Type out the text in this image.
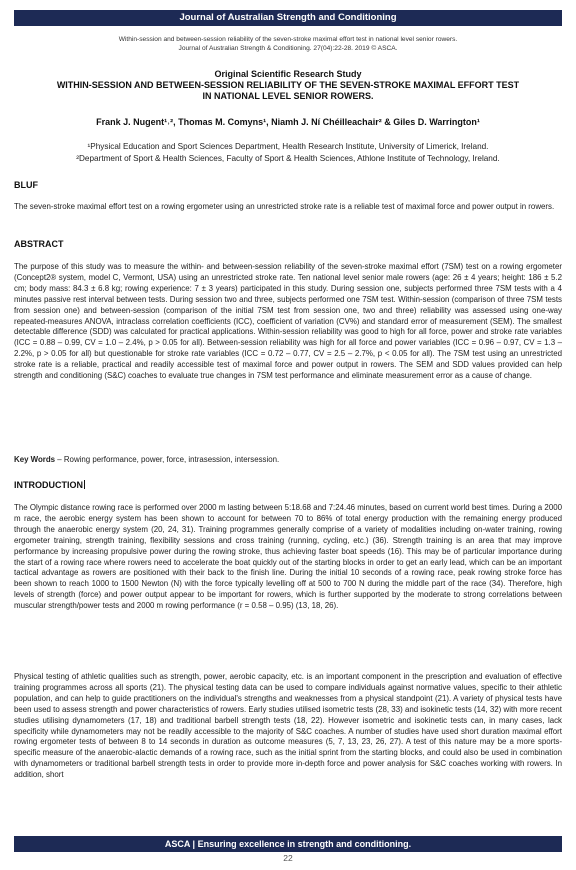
Journal of Australian Strength and Conditioning
Within-session and between-session reliability of the seven-stroke maximal effort test in national level senior rowers.
Journal of Australian Strength & Conditioning. 27(04):22-28. 2019 © ASCA.
Original Scientific Research Study
WITHIN-SESSION AND BETWEEN-SESSION RELIABILITY OF THE SEVEN-STROKE MAXIMAL EFFORT TEST
IN NATIONAL LEVEL SENIOR ROWERS.
Frank J. Nugent¹˒², Thomas M. Comyns¹, Niamh J. Ní Chéilleachair² & Giles D. Warrington¹
¹Physical Education and Sport Sciences Department, Health Research Institute, University of Limerick, Ireland.
²Department of Sport & Health Sciences, Faculty of Sport & Health Sciences, Athlone Institute of Technology, Ireland.
BLUF

The seven-stroke maximal effort test on a rowing ergometer using an unrestricted stroke rate is a reliable test of maximal force and power output in rowers.

ABSTRACT

The purpose of this study was to measure the within- and between-session reliability of the seven-stroke maximal effort (7SM) test on a rowing ergometer (Concept2® system, model C, Vermont, USA) using an unrestricted stroke rate. Ten national level senior male rowers (age: 26 ± 4 years; height: 186 ± 5.2 cm; body mass: 84.3 ± 6.8 kg; rowing experience: 7 ± 3 years) participated in this study. During session one, subjects performed three 7SM tests with a 4 minutes passive rest interval between tests. During session two and three, subjects performed one 7SM test. Within-session (comparison of three 7SM tests from session one) and between-session (comparison of the initial 7SM test from session one, two and three) reliability was assessed using one-way repeated-measures ANOVA, intraclass correlation coefficients (ICC), coefficient of variation (CV%) and standard error of measurement (SEM). The smallest detectable difference (SDD) was calculated for practical applications. Within-session reliability was good to high for all force, power and stroke rate variables (ICC = 0.88 – 0.99, CV = 1.0 – 2.4%, p > 0.05 for all). Between-session reliability was high for all force and power variables (ICC = 0.96 – 0.97, CV = 1.3 – 2.2%, p > 0.05 for all) but questionable for stroke rate variables (ICC = 0.72 – 0.77, CV = 2.5 – 2.7%, p < 0.05 for all). The 7SM test using an unrestricted stroke rate is a reliable, practical and readily accessible test of maximal force and power output in rowers. The SEM and SDD values provided can help strength and conditioning (S&C) coaches to evaluate true changes in 7SM test performance and eliminate measurement error as a cause of change.

Key Words – Rowing performance, power, force, intrasession, intersession.

INTRODUCTION

The Olympic distance rowing race is performed over 2000 m lasting between 5:18.68 and 7:24.46 minutes, based on current world best times. During a 2000 m race, the aerobic energy system has been shown to account for between 70 to 86% of total energy production with the remaining energy produced through the anaerobic energy system (20, 24, 31). Training programmes generally comprise of a variety of modalities including on-water training, rowing ergometer training, strength training, flexibility sessions and cross training (running, cycling, etc.) (36). Strength training is an area that may improve performance by increasing propulsive power during the rowing stroke, thus achieving faster boat speeds (16). This may be of particular importance during the start of a rowing race where rowers need to accelerate the boat quickly out of the starting blocks in order to get an early lead, which can be an important tactical advantage as rowers are positioned with their back to the finish line. During the initial 10 seconds of a rowing race, peak rowing stroke force has been shown to reach 1000 to 1500 Newton (N) with the force typically levelling off at 500 to 700 N during the middle part of the race (34). Therefore, high levels of strength (force) and power output appear to be important for rowers, which is further supported by the moderate to strong correlations between muscular strength/power tests and 2000 m rowing performance (r = 0.58 – 0.95) (13, 18, 26).

Physical testing of athletic qualities such as strength, power, aerobic capacity, etc. is an important component in the prescription and evaluation of effective training programmes across all sports (21). The physical testing data can be used to compare individuals against normative values, specific to their athletic population, and can help to guide practitioners on the individual's strengths and weaknesses from a physical standpoint (21). A variety of physical tests have been used to assess strength and power characteristics of rowers. Early studies utilised isometric tests (28, 33) and isokinetic tests (14, 32) with more recent studies utilising dynamometers (17, 18) and traditional barbell strength tests (18, 22). However isometric and isokinetic tests can, in many cases, lack specificity while dynamometers may not be readily accessible to the majority of S&C coaches. A number of studies have used short duration maximal effort rowing ergometer tests of between 8 to 14 seconds in duration as outcome measures (5, 7, 13, 23, 26, 27). A test of this nature may be a more sports-specific measure of the anaerobic-alactic demands of a rowing race, such as the initial sprint from the starting blocks, and could also be used in combination with dynamometers or traditional barbell strength tests in order to provide more in-depth force and power analysis for S&C coaches working with rowers. In addition, short

ASCA | Ensuring excellence in strength and conditioning.
22
